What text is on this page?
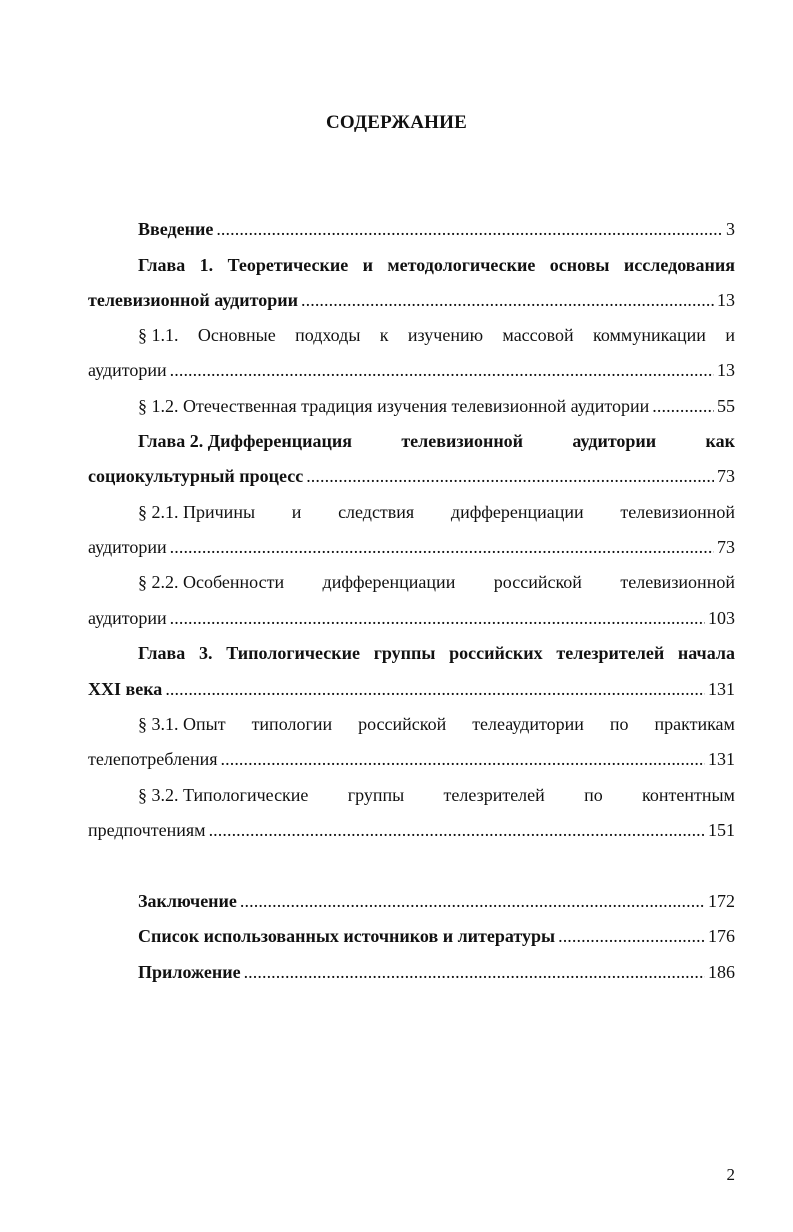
СОДЕРЖАНИЕ
Введение . . .	3
Глава 1. Теоретические и методологические основы исследования
телевизионной аудитории . . .	13
§ 1.1. Основные подходы к изучению массовой коммуникации и
аудитории . . .	13
§ 1.2. Отечественная традиция изучения телевизионной аудитории . . .	55
Глава 2. Дифференциация	телевизионной	аудитории	как
социокультурный процесс . . .	73
§ 2.1. Причины и следствия дифференциации телевизионной
аудитории . . .	73
§ 2.2. Особенности дифференциации российской телевизионной
аудитории . . .	103
Глава 3. Типологические группы российских телезрителей начала
XXI века . . .	131
§ 3.1. Опыт типологии российской телеаудитории по практикам
телепотребления . . .	131
§ 3.2. Типологические группы телезрителей по контентным
предпочтениям . . .	151
Заключение . . .	172
Список использованных источников и литературы . . .	176
Приложение . . .	186
2
